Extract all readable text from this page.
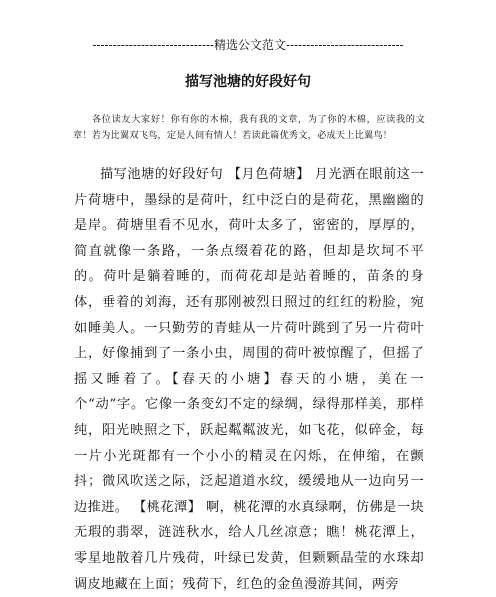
------------------------------精选公文范文-----------------------------
描写池塘的好段好句
各位读友大家好！你有你的木棉，我有我的文章，为了你的木棉，应读我的文章！若为比翼双飞鸟，定是人间有情人！若读此篇优秀文，必成天上比翼鸟！
描写池塘的好段好句 【月色荷塘】 月光洒在眼前这一片荷塘中，墨绿的是荷叶，红中泛白的是荷花，黑幽幽的是岸。荷塘里看不见水，荷叶太多了，密密的，厚厚的，简直就像一条路，一条点缀着花的路，但却是坎坷不平的。荷叶是躺着睡的，而荷花却是站着睡的，苗条的身体，垂着的刘海，还有那刚被烈日照过的红红的粉脸，宛如睡美人。一只勤劳的青蛙从一片荷叶跳到了另一片荷叶上，好像捕到了一条小虫，周围的荷叶被惊醒了，但摇了摇又睡着了。【春天的小塘】春天的小塘，美在一个“动”字。它像一条变幻不定的绿绸，绿得那样美，那样纯，阳光映照之下，跃起粼粼波光，如飞花，似碎金，每一片小光斑都有一个小小的精灵在闪烁，在伸缩，在颤抖；微风吹送之际，泛起道道水纹，缓缓地从一边向另一边推进。 【桃花潭】 啊，桃花潭的水真绿啊，仿佛是一块无瑕的翡翠，涟涟秋水，给人几丝凉意；瞧！桃花潭上，零星地散着几片残荷，叶绿已发黄，但颗颗晶莹的水珠却调皮地藏在上面；残荷下，红色的金鱼漫游其间，两旁
